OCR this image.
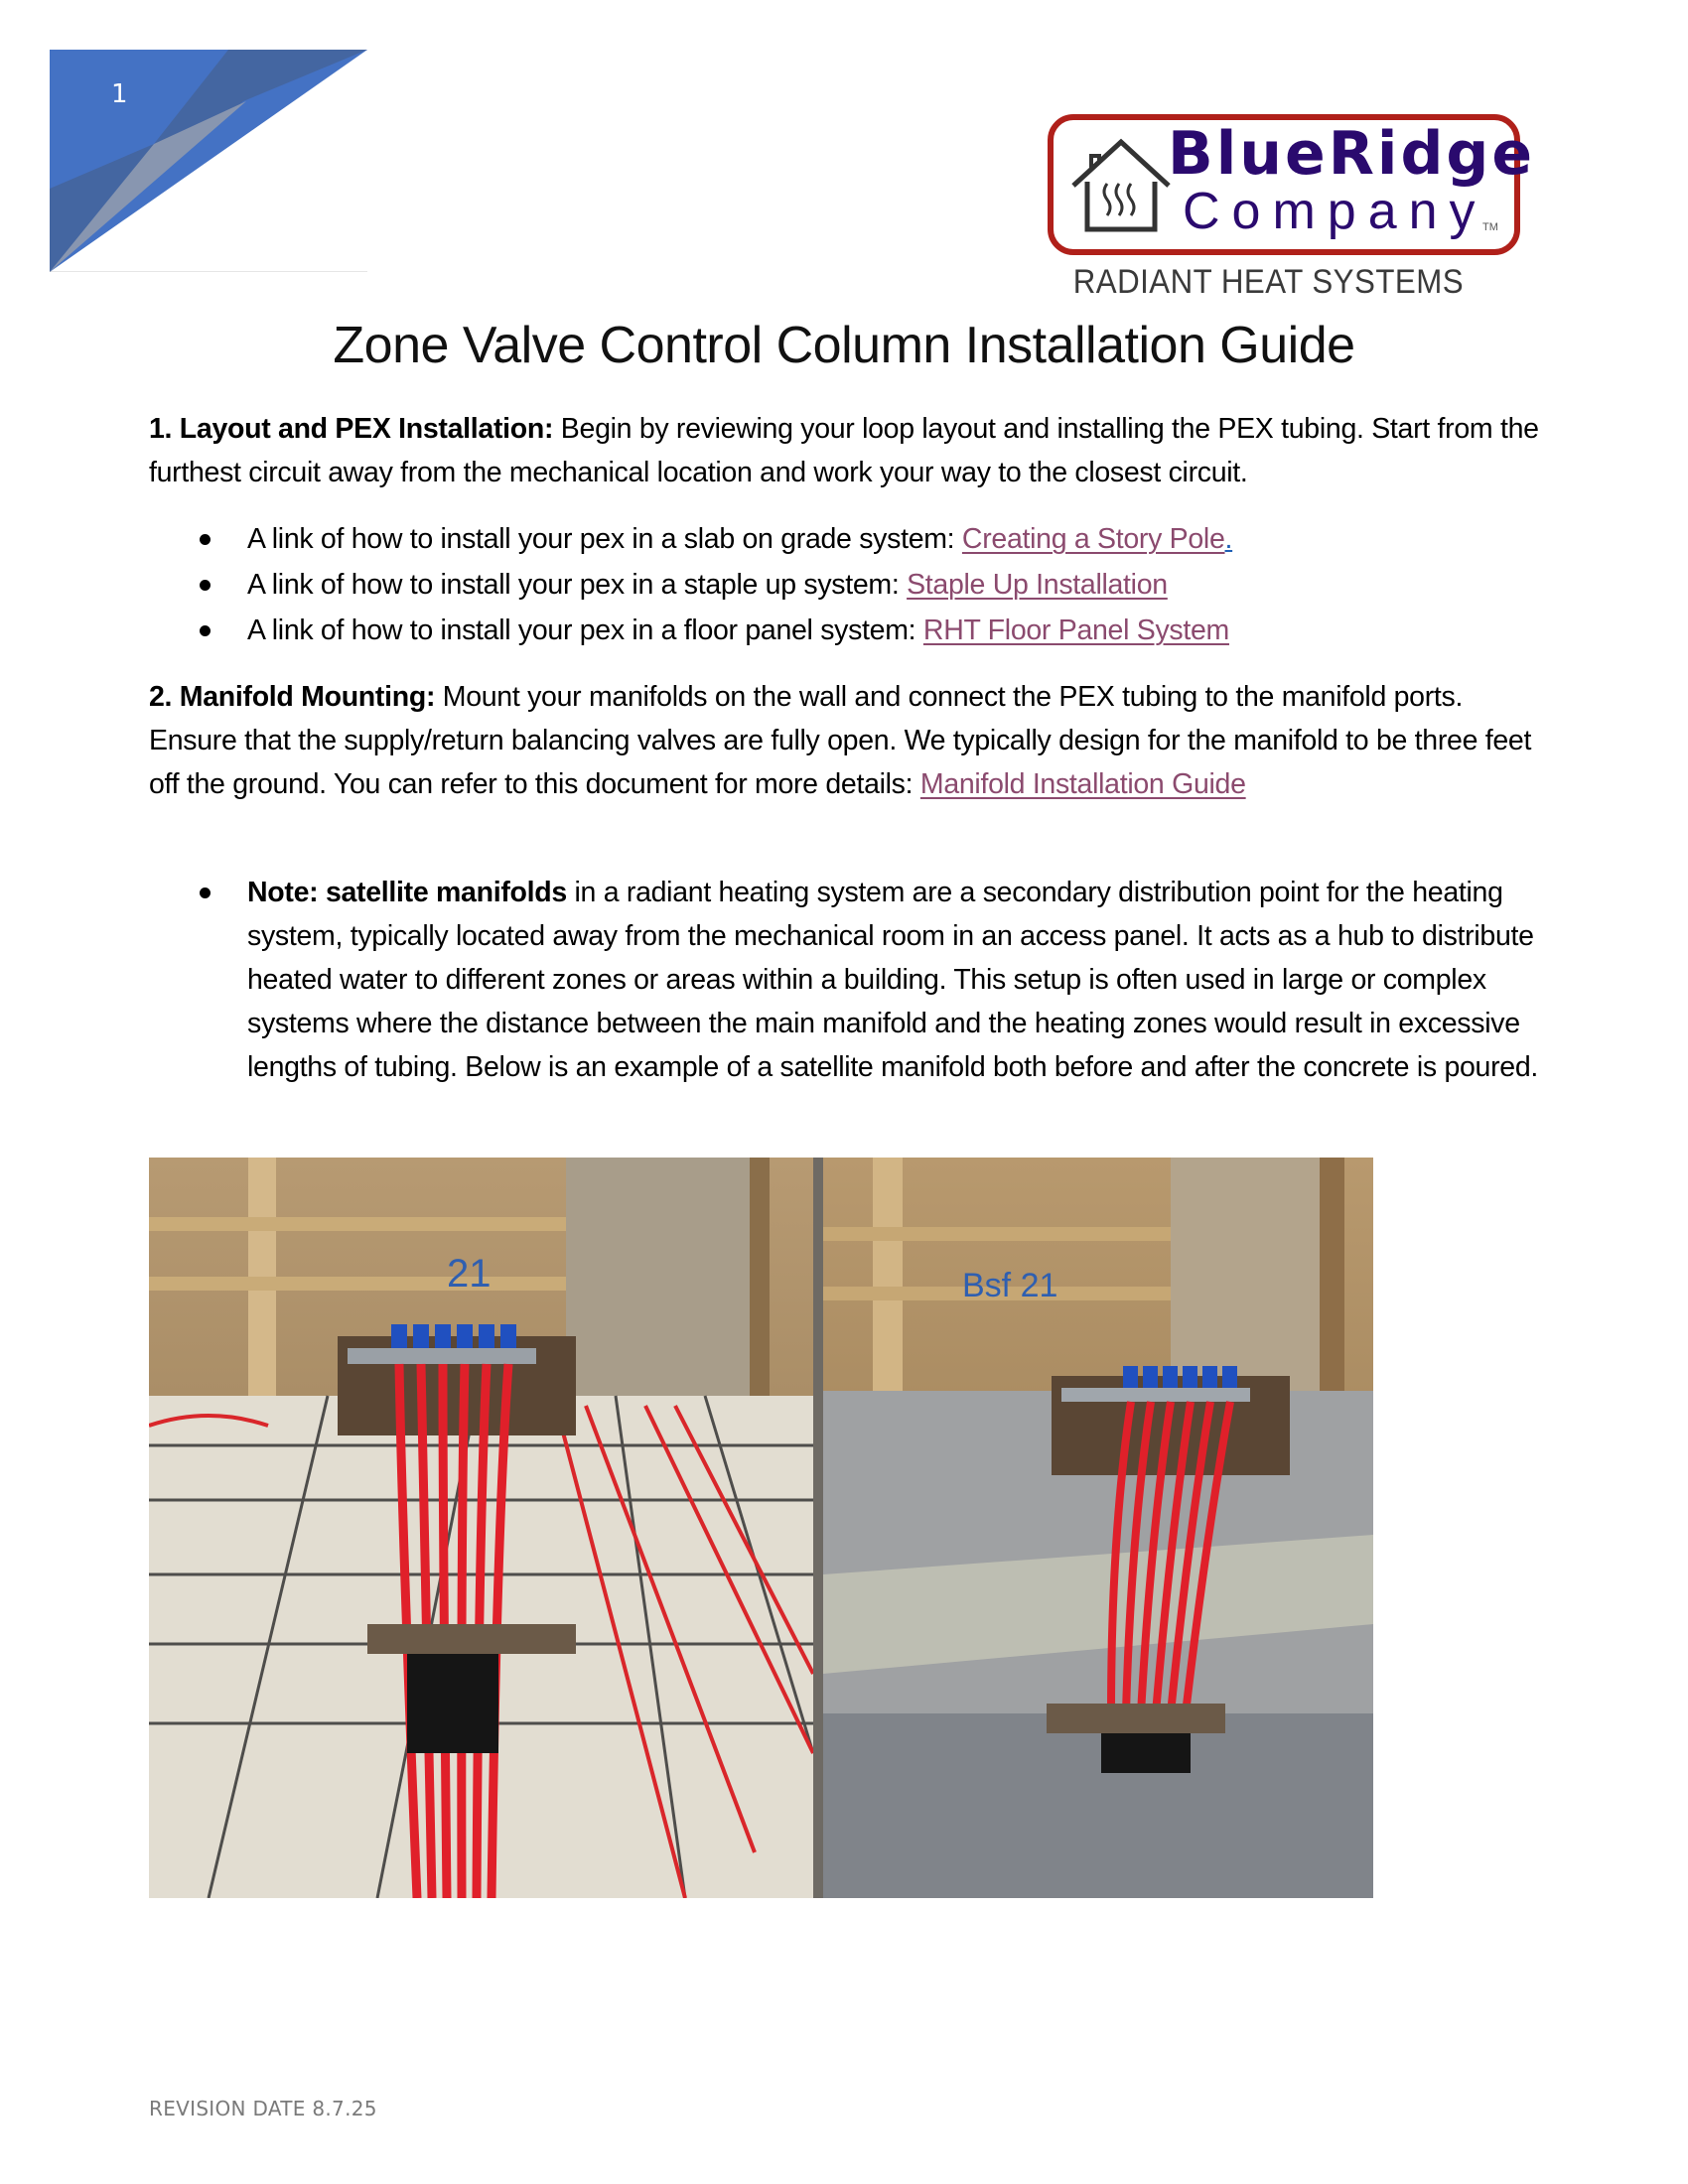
1
BlueRidge
Company
TM
RADIANT HEAT SYSTEMS
Zone Valve Control Column Installation Guide

1. Layout and PEX Installation: Begin by reviewing your loop layout and installing the PEX tubing. Start from the furthest circuit away from the mechanical location and work your way to the closest circuit.

A link of how to install your pex in a slab on grade system: Creating a Story Pole.
A link of how to install your pex in a staple up system: Staple Up Installation
A link of how to install your pex in a floor panel system: RHT Floor Panel System

2. Manifold Mounting: Mount your manifolds on the wall and connect the PEX tubing to the manifold ports. Ensure that the supply/return balancing valves are fully open. We typically design for the manifold to be three feet off the ground. You can refer to this document for more details: Manifold Installation Guide

Note: satellite manifolds in a radiant heating system are a secondary distribution point for the heating system, typically located away from the mechanical room in an access panel. It acts as a hub to distribute heated water to different zones or areas within a building. This setup is often used in large or complex systems where the distance between the main manifold and the heating zones would result in excessive lengths of tubing. Below is an example of a satellite manifold both before and after the concrete is poured.
21	Bsf 21
REVISION DATE 8.7.25
